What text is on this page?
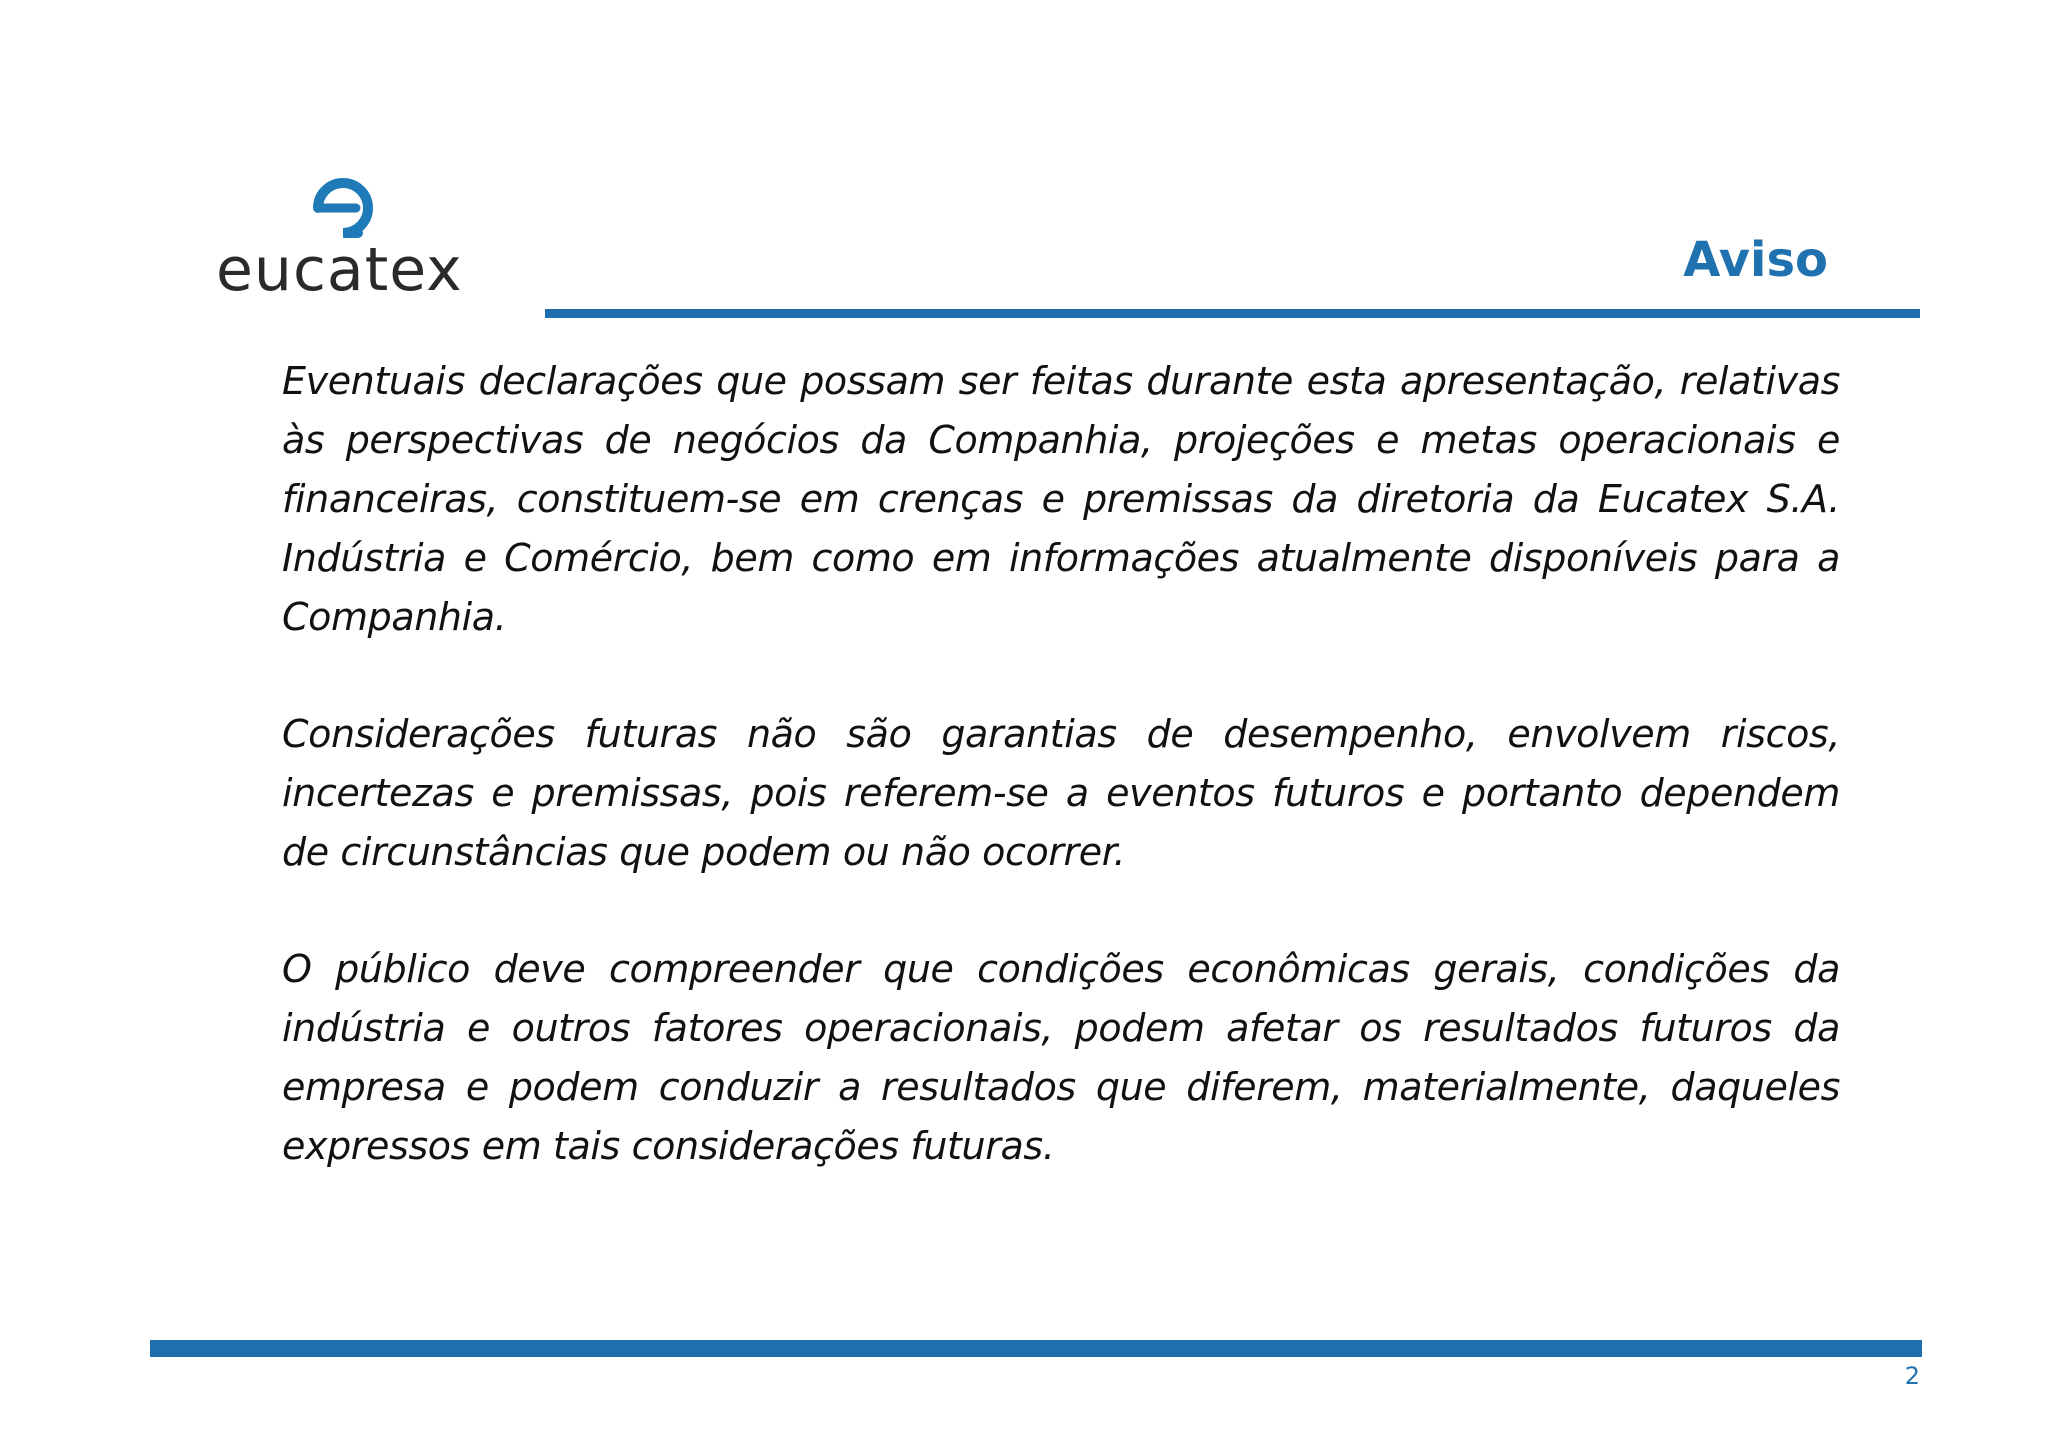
eucatex	Aviso

Eventuais declarações que possam ser feitas durante esta apresentação, relativas às perspectivas de negócios da Companhia, projeções e metas operacionais e financeiras, constituem-se em crenças e premissas da diretoria da Eucatex S.A. Indústria e Comércio, bem como em informações atualmente disponíveis para a Companhia.

Considerações futuras não são garantias de desempenho, envolvem riscos, incertezas e premissas, pois referem-se a eventos futuros e portanto dependem de circunstâncias que podem ou não ocorrer.

O público deve compreender que condições econômicas gerais, condições da indústria e outros fatores operacionais, podem afetar os resultados futuros da empresa e podem conduzir a resultados que diferem, materialmente, daqueles expressos em tais considerações futuras.

2
